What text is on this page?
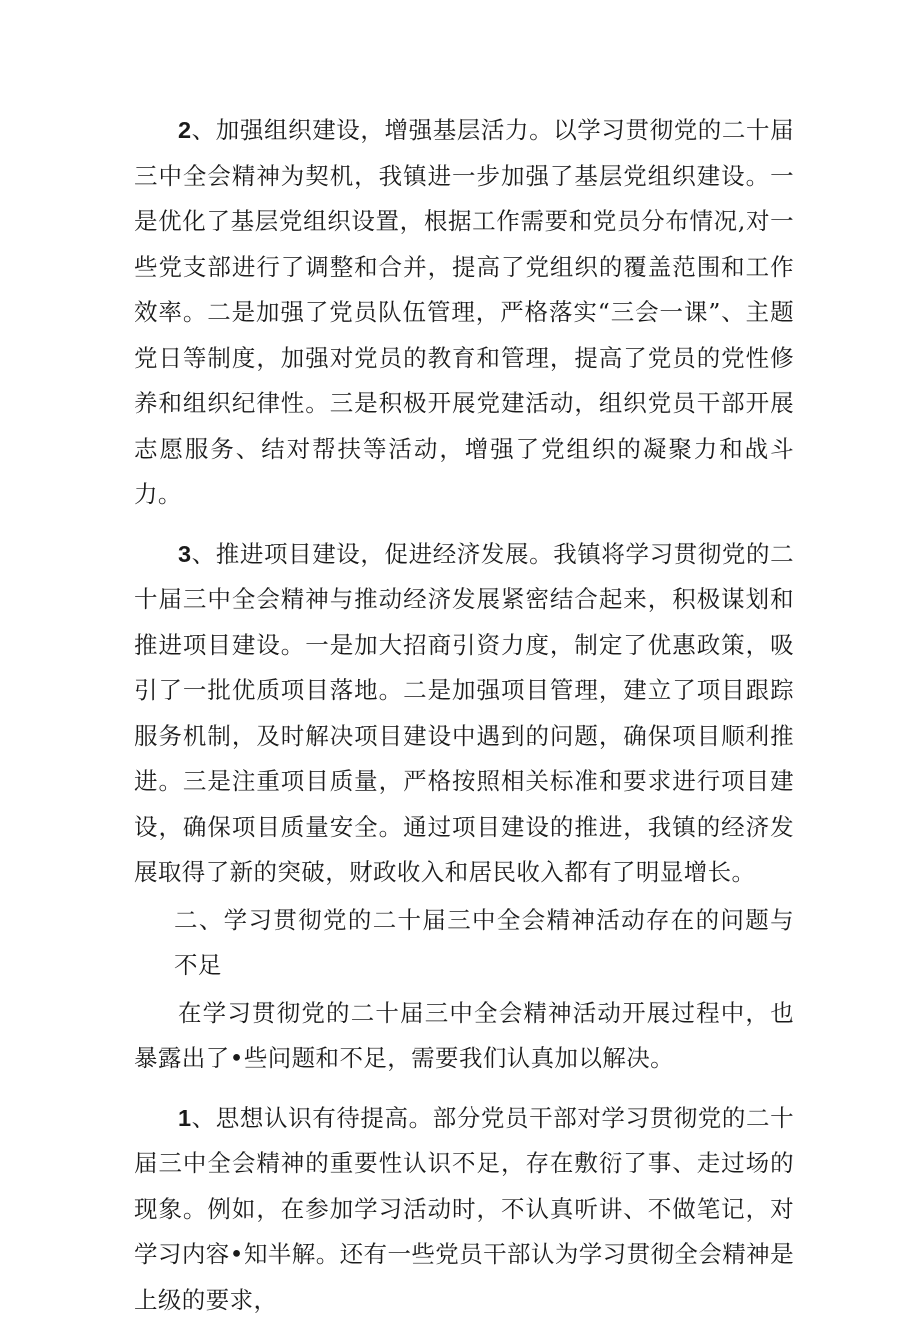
2、加强组织建设，增强基层活力。以学习贯彻党的二十届三中全会精神为契机，我镇进一步加强了基层党组织建设。一是优化了基层党组织设置，根据工作需要和党员分布情况,对一些党支部进行了调整和合并，提高了党组织的覆盖范围和工作效率。二是加强了党员队伍管理，严格落实“三会一课”、主题党日等制度，加强对党员的教育和管理，提高了党员的党性修养和组织纪律性。三是积极开展党建活动，组织党员干部开展志愿服务、结对帮扶等活动，增强了党组织的凝聚力和战斗力。

3、推进项目建设，促进经济发展。我镇将学习贯彻党的二十届三中全会精神与推动经济发展紧密结合起来，积极谋划和推进项目建设。一是加大招商引资力度，制定了优惠政策，吸引了一批优质项目落地。二是加强项目管理，建立了项目跟踪服务机制，及时解决项目建设中遇到的问题，确保项目顺利推进。三是注重项目质量，严格按照相关标准和要求进行项目建设，确保项目质量安全。通过项目建设的推进，我镇的经济发展取得了新的突破，财政收入和居民收入都有了明显增长。

二、学习贯彻党的二十届三中全会精神活动存在的问题与不足

在学习贯彻党的二十届三中全会精神活动开展过程中，也暴露出了•些问题和不足，需要我们认真加以解决。

1、思想认识有待提高。部分党员干部对学习贯彻党的二十届三中全会精神的重要性认识不足，存在敷衍了事、走过场的现象。例如，在参加学习活动时，不认真听讲、不做笔记，对学习内容•知半解。还有一些党员干部认为学习贯彻全会精神是上级的要求，
